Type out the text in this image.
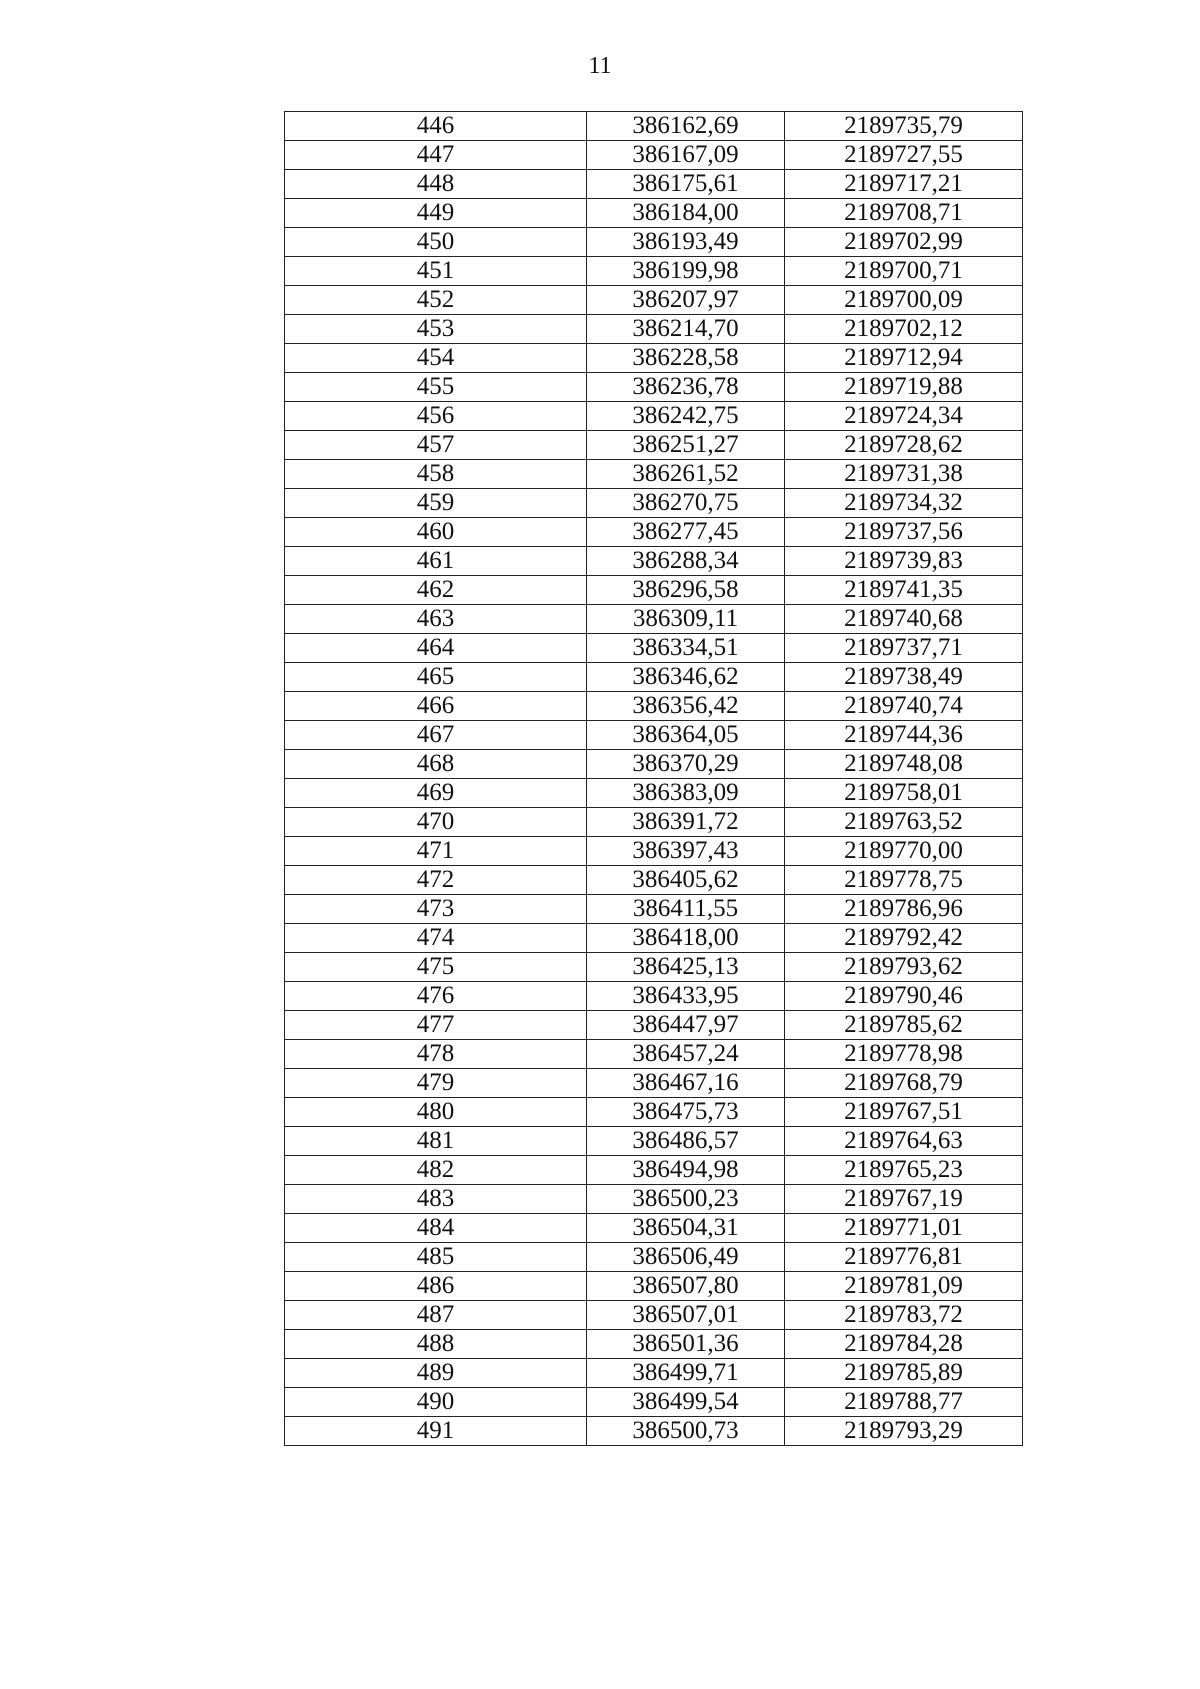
11
446	386162,69	2189735,79
447	386167,09	2189727,55
448	386175,61	2189717,21
449	386184,00	2189708,71
450	386193,49	2189702,99
451	386199,98	2189700,71
452	386207,97	2189700,09
453	386214,70	2189702,12
454	386228,58	2189712,94
455	386236,78	2189719,88
456	386242,75	2189724,34
457	386251,27	2189728,62
458	386261,52	2189731,38
459	386270,75	2189734,32
460	386277,45	2189737,56
461	386288,34	2189739,83
462	386296,58	2189741,35
463	386309,11	2189740,68
464	386334,51	2189737,71
465	386346,62	2189738,49
466	386356,42	2189740,74
467	386364,05	2189744,36
468	386370,29	2189748,08
469	386383,09	2189758,01
470	386391,72	2189763,52
471	386397,43	2189770,00
472	386405,62	2189778,75
473	386411,55	2189786,96
474	386418,00	2189792,42
475	386425,13	2189793,62
476	386433,95	2189790,46
477	386447,97	2189785,62
478	386457,24	2189778,98
479	386467,16	2189768,79
480	386475,73	2189767,51
481	386486,57	2189764,63
482	386494,98	2189765,23
483	386500,23	2189767,19
484	386504,31	2189771,01
485	386506,49	2189776,81
486	386507,80	2189781,09
487	386507,01	2189783,72
488	386501,36	2189784,28
489	386499,71	2189785,89
490	386499,54	2189788,77
491	386500,73	2189793,29
